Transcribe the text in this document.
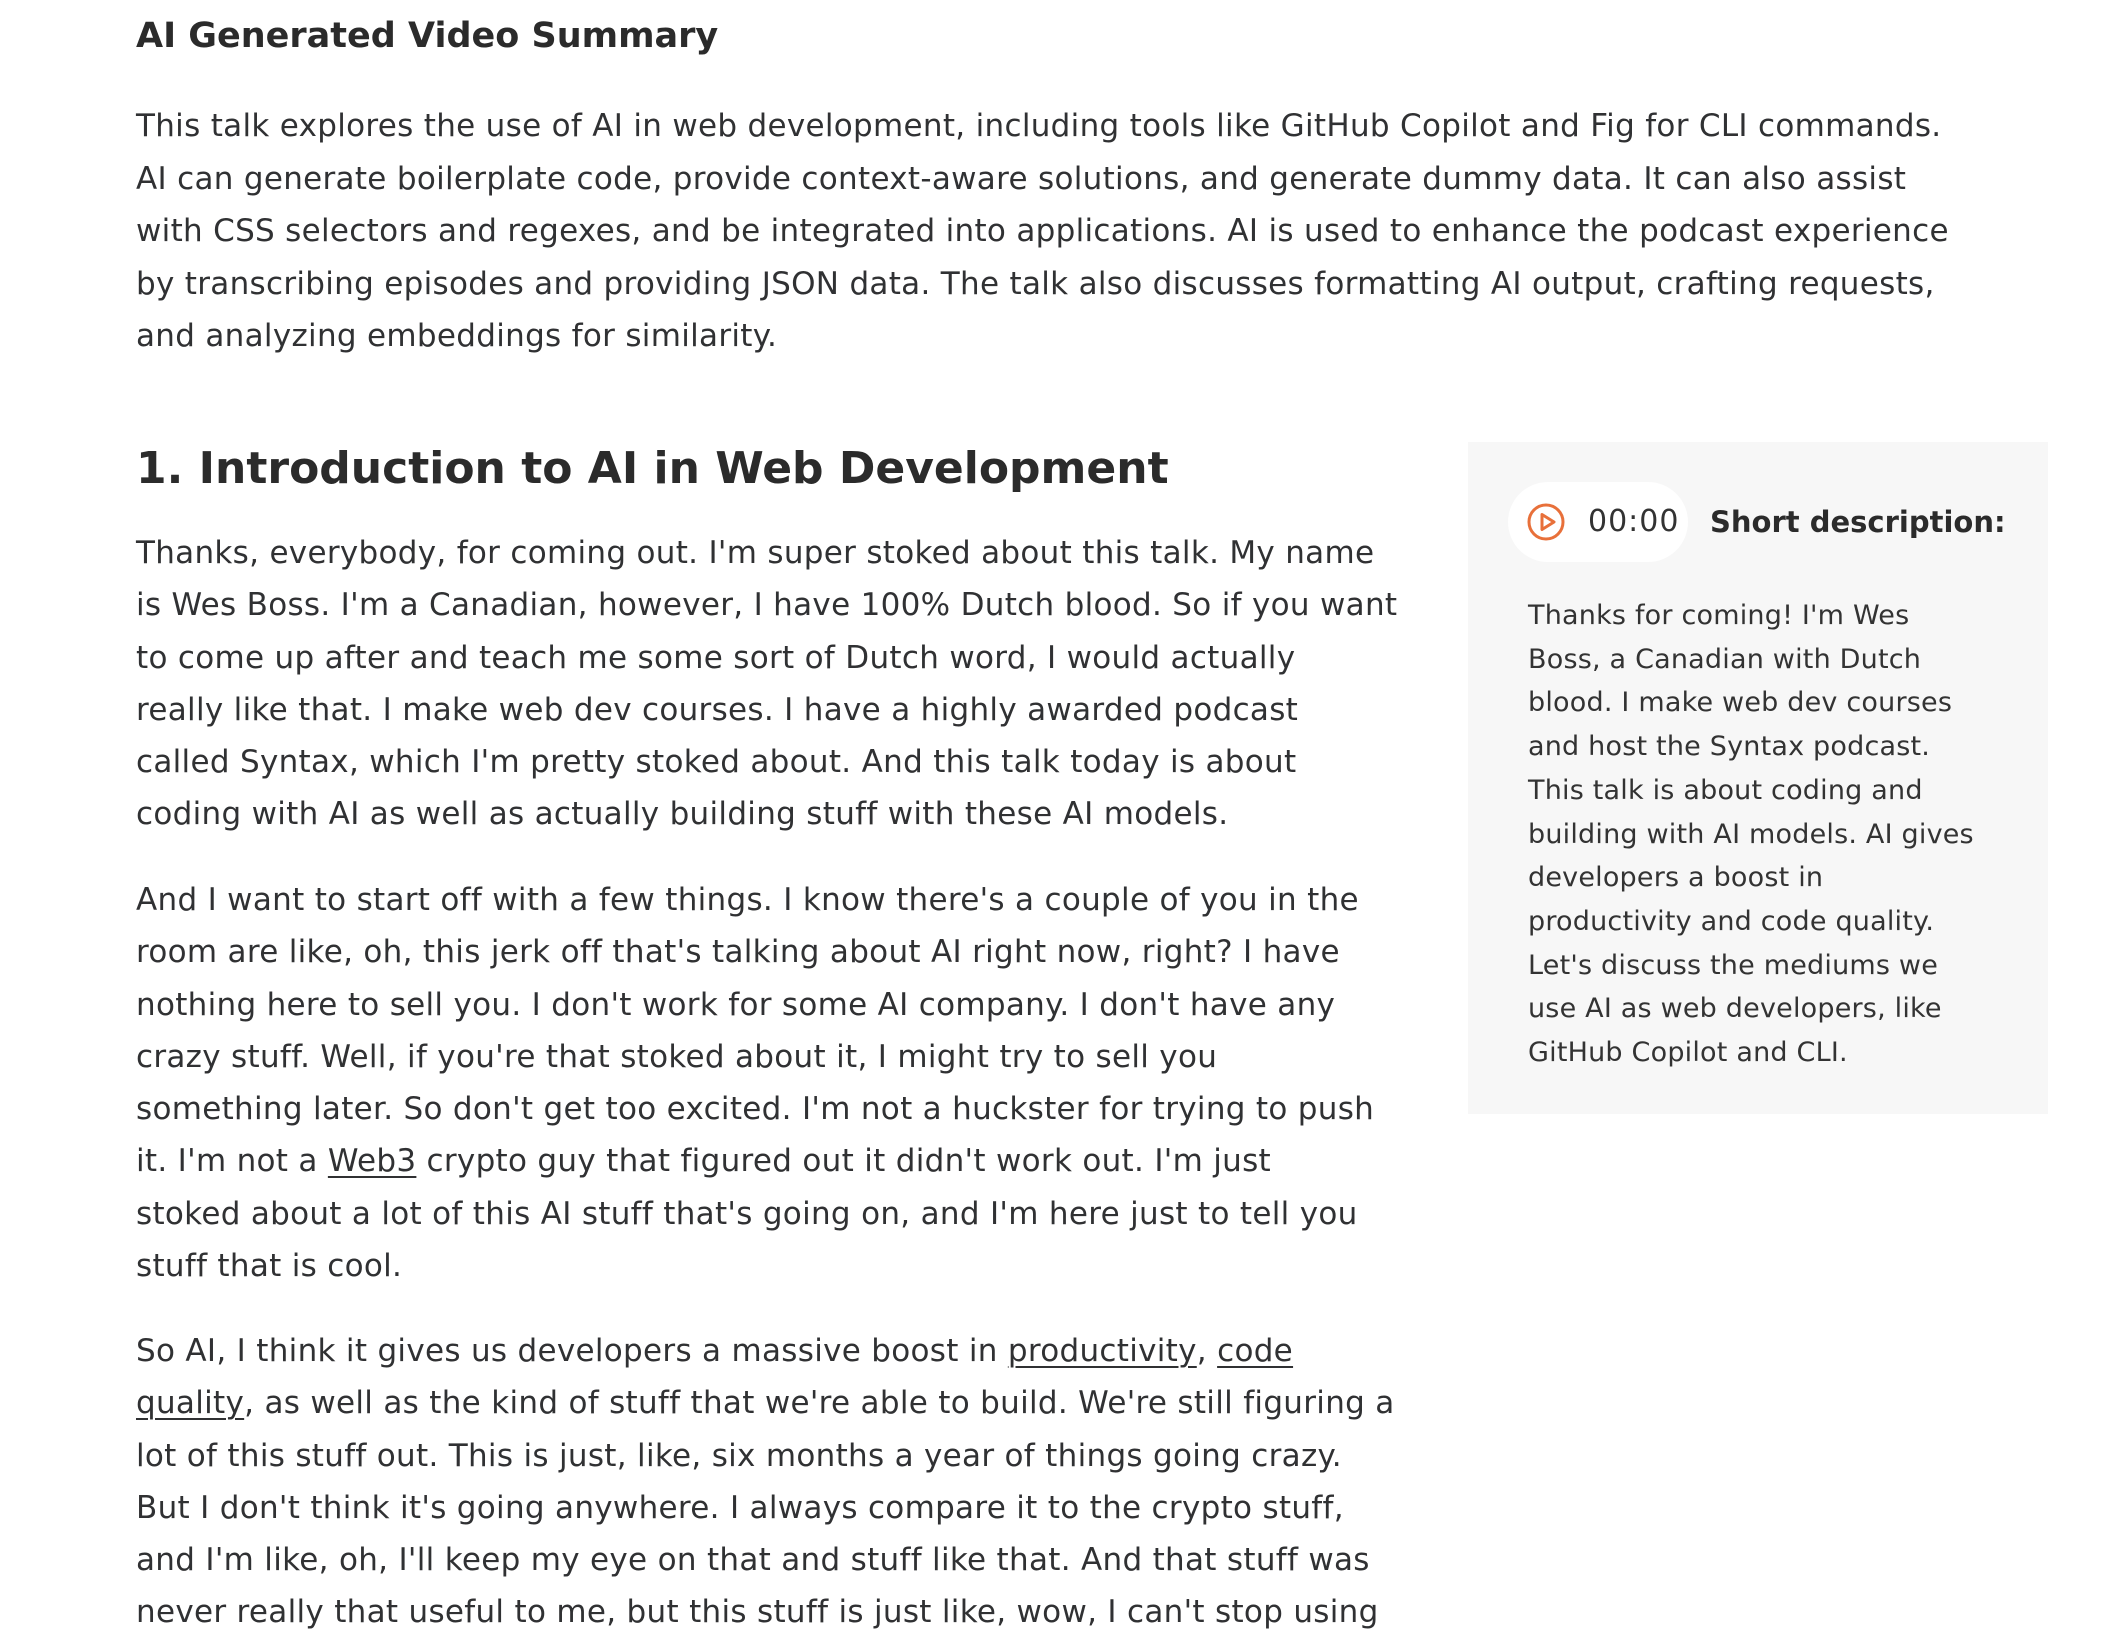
AI Generated Video Summary

This talk explores the use of AI in web development, including tools like GitHub Copilot and Fig for CLI commands.
AI can generate boilerplate code, provide context-aware solutions, and generate dummy data. It can also assist
with CSS selectors and regexes, and be integrated into applications. AI is used to enhance the podcast experience
by transcribing episodes and providing JSON data. The talk also discusses formatting AI output, crafting requests,
and analyzing embeddings for similarity.

1. Introduction to AI in Web Development

Thanks, everybody, for coming out. I'm super stoked about this talk. My name
is Wes Boss. I'm a Canadian, however, I have 100% Dutch blood. So if you want
to come up after and teach me some sort of Dutch word, I would actually
really like that. I make web dev courses. I have a highly awarded podcast
called Syntax, which I'm pretty stoked about. And this talk today is about
coding with AI as well as actually building stuff with these AI models.

And I want to start off with a few things. I know there's a couple of you in the
room are like, oh, this jerk off that's talking about AI right now, right? I have
nothing here to sell you. I don't work for some AI company. I don't have any
crazy stuff. Well, if you're that stoked about it, I might try to sell you
something later. So don't get too excited. I'm not a huckster for trying to push
it. I'm not a Web3 crypto guy that figured out it didn't work out. I'm just
stoked about a lot of this AI stuff that's going on, and I'm here just to tell you
stuff that is cool.

So AI, I think it gives us developers a massive boost in productivity, code
quality, as well as the kind of stuff that we're able to build. We're still figuring a
lot of this stuff out. This is just, like, six months a year of things going crazy.
But I don't think it's going anywhere. I always compare it to the crypto stuff,
and I'm like, oh, I'll keep my eye on that and stuff like that. And that stuff was
never really that useful to me, but this stuff is just like, wow, I can't stop using

00:00 Short description:

Thanks for coming! I'm Wes
Boss, a Canadian with Dutch
blood. I make web dev courses
and host the Syntax podcast.
This talk is about coding and
building with AI models. AI gives
developers a boost in
productivity and code quality.
Let's discuss the mediums we
use AI as web developers, like
GitHub Copilot and CLI.
